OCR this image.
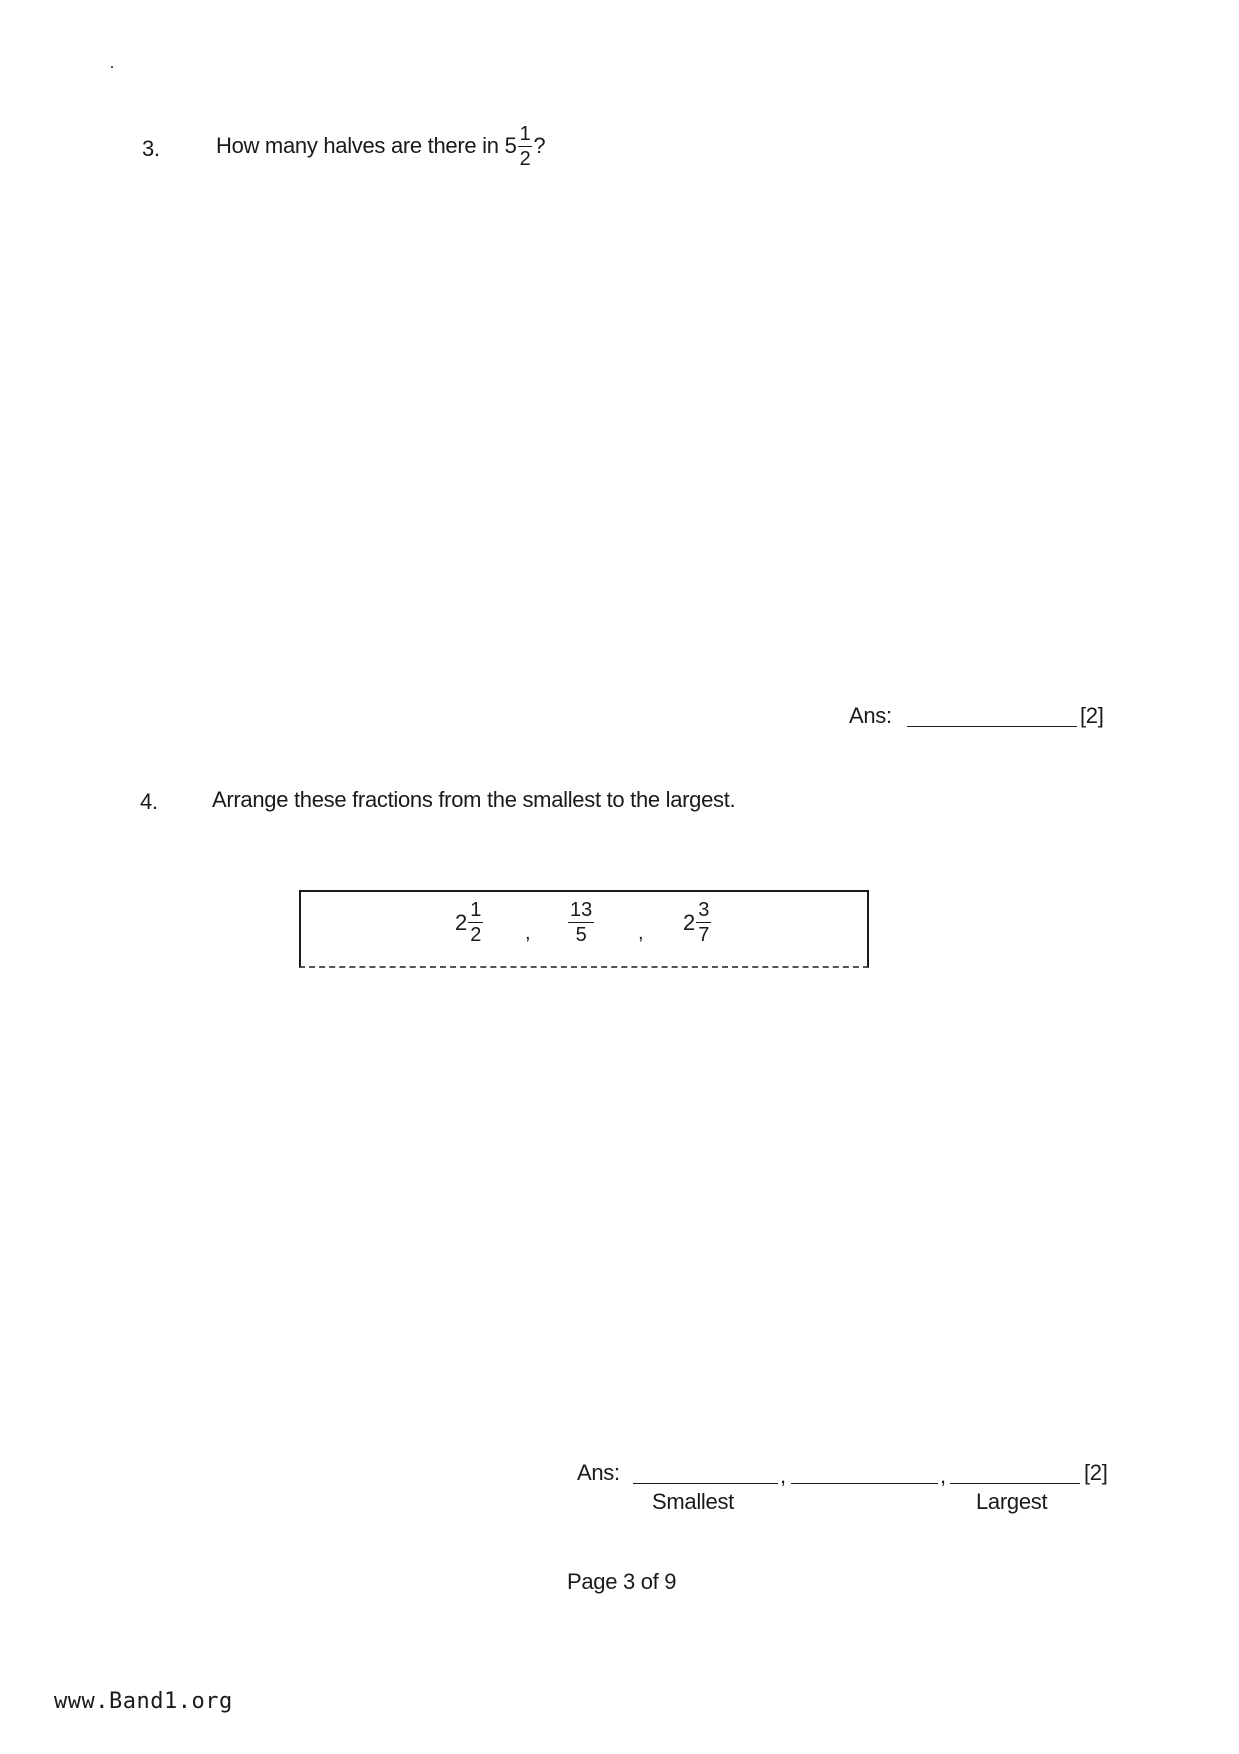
3.	How many halves are there in $5 \frac{1}{2}$ ?
Ans:	[2]
4. Arrange these fractions from the smallest to the largest.
$2 \frac{1}{2}$ , $\frac{13}{5}$ , $2 \frac{3}{7}$
Ans:	,	,	[2]
Smallest	Largest
Page 3 of 9
www.Band1.org
